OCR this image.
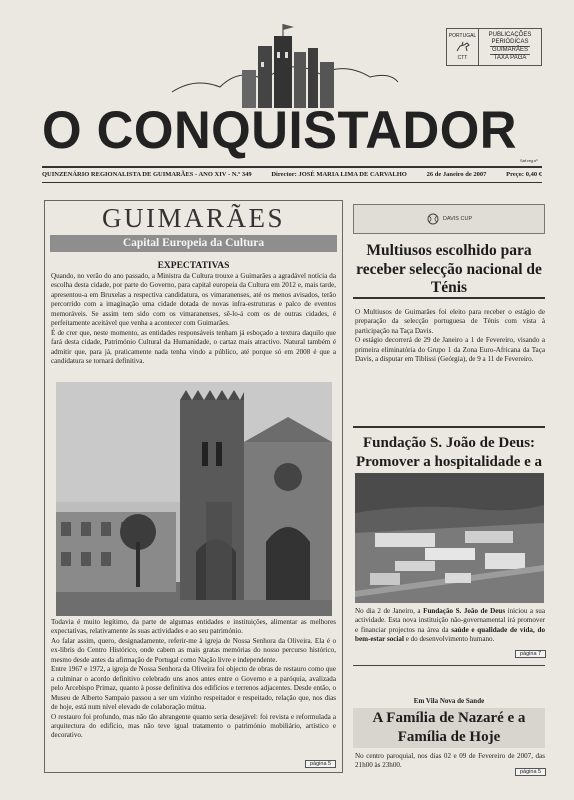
PORTUGAL
CTT
PUBLICAÇÕES
PERIÓDICAS
GUIMARÃES
TAXA PAGA
O CONQUISTADOR
Saf.reg.nº
QUINZENÁRIO REGIONALISTA DE GUIMARÃES - ANO XIV - N.º 349	Director: JOSÉ MARIA LIMA DE CARVALHO	26 de Janeiro de 2007	Preço: 0,40 €
GUIMARÃES
Capital Europeia da Cultura
EXPECTATIVAS

Quando, no verão do ano passado, a Ministra da Cultura trouxe a Guimarães a agradável notícia da escolha desta cidade, por parte do Governo, para capital europeia da Cultura em 2012 e, mais tarde, apresentou-a em Bruxelas a respectiva candidatura, os vimaranenses, até os menos avisados, terão percorrido com a imaginação uma cidade dotada de novas infra-estruturas e palco de eventos memoráveis. Se assim tem sido com os vimaranenses, sê-lo-á com os de outras cidades, é perfeitamente aceitável que venha a acontecer com Guimarães.

É de crer que, neste momento, as entidades responsáveis tenham já esboçado a textura daquilo que fará desta cidade, Património Cultural da Humanidade, o cartaz mais atractivo. Natural também é admitir que, para já, praticamente nada tenha vindo a público, até porque só em 2008 é que a candidatura se tornará definitiva.

Todavia é muito legítimo, da parte de algumas entidades e instituições, alimentar as melhores expectativas, relativamente às suas actividades e ao seu património.

Ao falar assim, quero, designadamente, referir-me à igreja de Nossa Senhora da Oliveira. Ela é o ex-libris do Centro Histórico, onde cabem as mais gratas memórias do nosso percurso histórico, mesmo desde antes da afirmação de Portugal como Nação livre e independente.

Entre 1967 e 1972, a igreja de Nossa Senhora da Oliveira foi objecto de obras de restauro como que a culminar o acordo definitivo celebrado uns anos antes entre o Governo e a paróquia, avalizada pelo Arcebispo Primaz, quanto à posse definitiva dos edifícios e terrenos adjacentes. Desde então, o Museu de Alberto Sampaio passou a ser um vizinho respeitador e respeitado, relação que, nos dias de hoje, está num nível elevado de colaboração mútua.

O restauro foi profundo, mas não tão abrangente quanto seria desejável: foi revista e reformulada a arquitectura do edifício, mas não teve igual tratamento o património mobiliário, artístico e decorativo.

página 5
DAVIS CUP
Multiusos escolhido para receber selecção nacional de Ténis

O Multiusos de Guimarães foi eleito para receber o estágio de preparação da selecção portuguesa de Ténis com vista à participação na Taça Davis.

O estágio decorrerá de 29 de Janeiro a 1 de Fevereiro, visando a primeira eliminatória do Grupo 1 da Zona Euro-Africana da Taça Davis, a disputar em Tiblissi (Geórgia), de 9 a 11 de Fevereiro.

Fundação S. João de Deus: Promover a hospitalidade e a
No dia 2 de Janeiro, a Fundação S. João de Deus iniciou a sua actividade. Esta nova instituição não-governamental irá promover e financiar projectos na área da saúde e qualidade de vida, do bem-estar social e do desenvolvimento humano.
página 7
Em Vila Nova de Sande
A Família de Nazaré e a Família de Hoje
No centro paroquial, nos dias 02 e 09 de Fevereiro de 2007, das 21h00 às 23h00.
página 5
